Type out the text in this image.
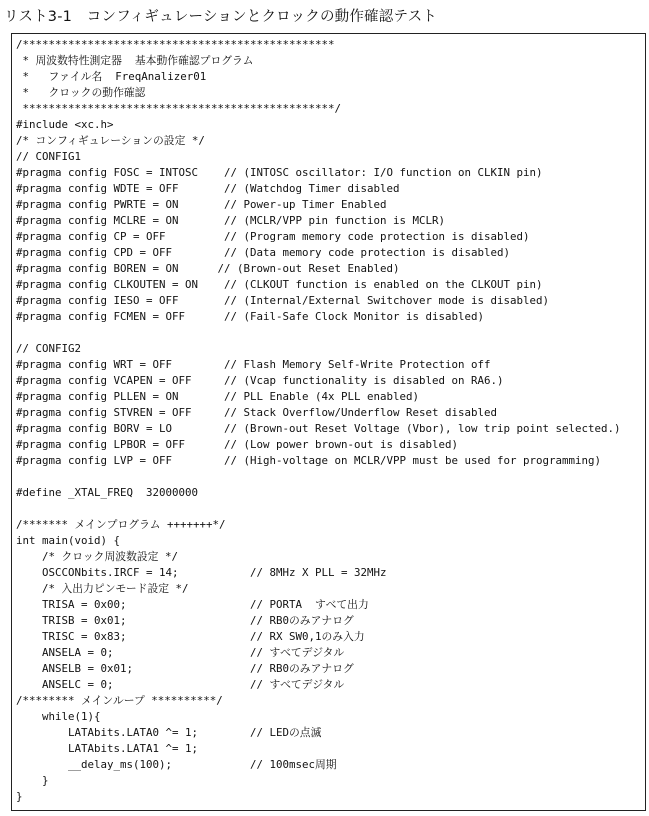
リスト3-1　コンフィギュレーションとクロックの動作確認テスト
/************************************************
* 周波数特性測定器  基本動作確認プログラム
*   ファイル名  FreqAnalizer01
*   クロックの動作確認
************************************************/
#include <xc.h>
/* コンフィギュレーションの設定 */
// CONFIG1
#pragma config FOSC = INTOSC    // (INTOSC oscillator: I/O function on CLKIN pin)
#pragma config WDTE = OFF       // (Watchdog Timer disabled
#pragma config PWRTE = ON       // Power-up Timer Enabled
#pragma config MCLRE = ON       // (MCLR/VPP pin function is MCLR)
#pragma config CP = OFF         // (Program memory code protection is disabled)
#pragma config CPD = OFF        // (Data memory code protection is disabled)
#pragma config BOREN = ON      // (Brown-out Reset Enabled)
#pragma config CLKOUTEN = ON    // (CLKOUT function is enabled on the CLKOUT pin)
#pragma config IESO = OFF       // (Internal/External Switchover mode is disabled)
#pragma config FCMEN = OFF      // (Fail-Safe Clock Monitor is disabled)
// CONFIG2
#pragma config WRT = OFF        // Flash Memory Self-Write Protection off
#pragma config VCAPEN = OFF     // (Vcap functionality is disabled on RA6.)
#pragma config PLLEN = ON       // PLL Enable (4x PLL enabled)
#pragma config STVREN = OFF     // Stack Overflow/Underflow Reset disabled
#pragma config BORV = LO        // (Brown-out Reset Voltage (Vbor), low trip point selected.)
#pragma config LPBOR = OFF      // (Low power brown-out is disabled)
#pragma config LVP = OFF        // (High-voltage on MCLR/VPP must be used for programming)
#define _XTAL_FREQ  32000000
/******* メインプログラム +++++++*/
int main(void) {
/* クロック周波数設定 */
OSCCONbits.IRCF = 14;           // 8MHz X PLL = 32MHz
/* 入出力ピンモード設定 */
TRISA = 0x00;                   // PORTA  すべて出力
TRISB = 0x01;                   // RB0のみアナログ
TRISC = 0x83;                   // RX SW0,1のみ入力
ANSELA = 0;                     // すべてデジタル
ANSELB = 0x01;                  // RB0のみアナログ
ANSELC = 0;                     // すべてデジタル
/******** メインループ **********/
while(1){
LATAbits.LATA0 ^= 1;        // LEDの点滅
LATAbits.LATA1 ^= 1;
__delay_ms(100);            // 100msec周期
}
}
